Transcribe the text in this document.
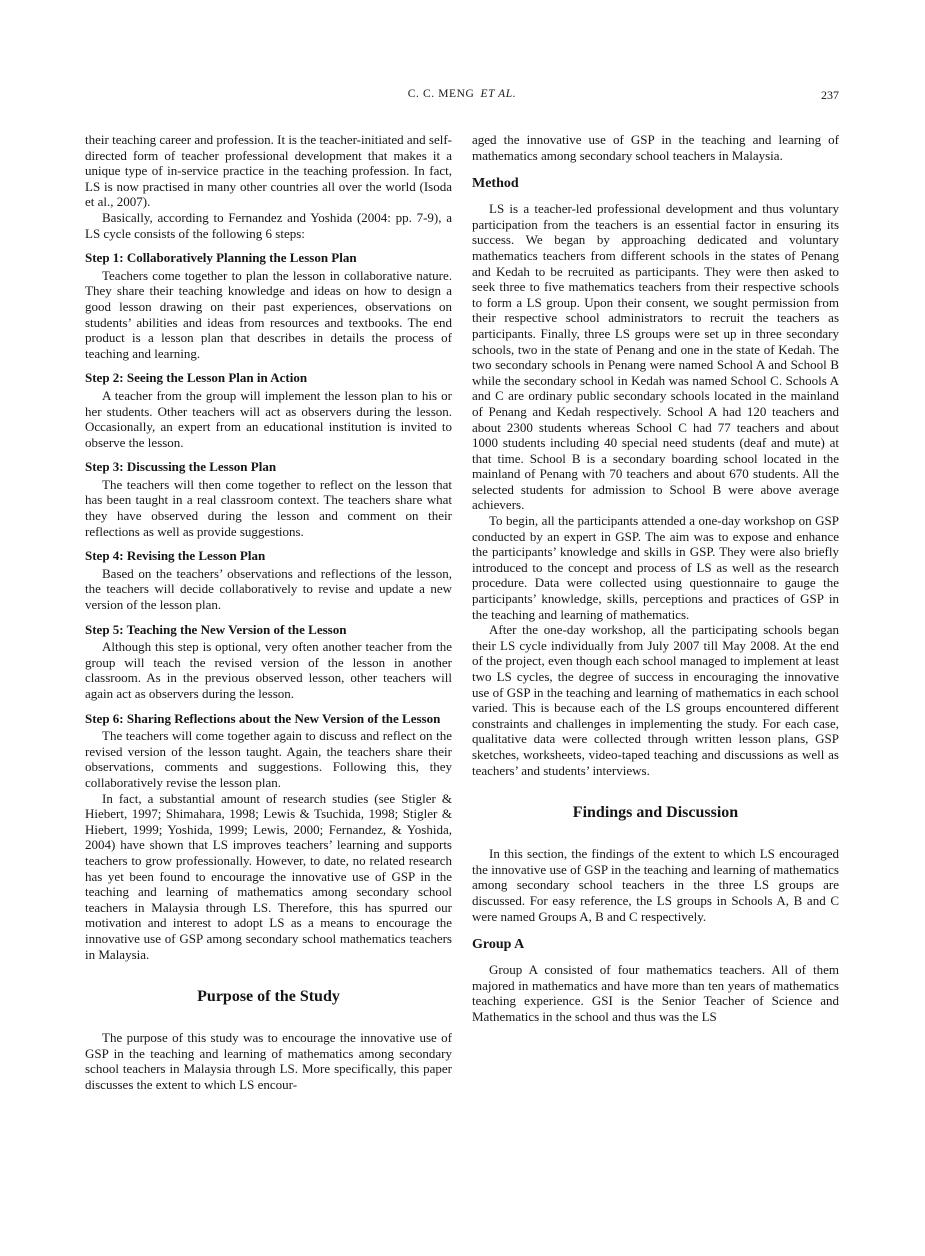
C. C. MENG ET AL.	237

their teaching career and profession. It is the teacher-initiated and self-directed form of teacher professional development that makes it a unique type of in-service practice in the teaching profession. In fact, LS is now practised in many other countries all over the world (Isoda et al., 2007).

Basically, according to Fernandez and Yoshida (2004: pp. 7-9), a LS cycle consists of the following 6 steps:

Step 1: Collaboratively Planning the Lesson Plan

Teachers come together to plan the lesson in collaborative nature. They share their teaching knowledge and ideas on how to design a good lesson drawing on their past experiences, observations on students’ abilities and ideas from resources and textbooks. The end product is a lesson plan that describes in details the process of teaching and learning.

Step 2: Seeing the Lesson Plan in Action

A teacher from the group will implement the lesson plan to his or her students. Other teachers will act as observers during the lesson. Occasionally, an expert from an educational institution is invited to observe the lesson.

Step 3: Discussing the Lesson Plan

The teachers will then come together to reflect on the lesson that has been taught in a real classroom context. The teachers share what they have observed during the lesson and comment on their reflections as well as provide suggestions.

Step 4: Revising the Lesson Plan

Based on the teachers’ observations and reflections of the lesson, the teachers will decide collaboratively to revise and update a new version of the lesson plan.

Step 5: Teaching the New Version of the Lesson

Although this step is optional, very often another teacher from the group will teach the revised version of the lesson in another classroom. As in the previous observed lesson, other teachers will again act as observers during the lesson.

Step 6: Sharing Reflections about the New Version of the Lesson

The teachers will come together again to discuss and reflect on the revised version of the lesson taught. Again, the teachers share their observations, comments and suggestions. Following this, they collaboratively revise the lesson plan.

In fact, a substantial amount of research studies (see Stigler & Hiebert, 1997; Shimahara, 1998; Lewis & Tsuchida, 1998; Stigler & Hiebert, 1999; Yoshida, 1999; Lewis, 2000; Fernandez, & Yoshida, 2004) have shown that LS improves teachers’ learning and supports teachers to grow professionally. However, to date, no related research has yet been found to encourage the innovative use of GSP in the teaching and learning of mathematics among secondary school teachers in Malaysia through LS. Therefore, this has spurred our motivation and interest to adopt LS as a means to encourage the innovative use of GSP among secondary school mathematics teachers in Malaysia.

Purpose of the Study

The purpose of this study was to encourage the innovative use of GSP in the teaching and learning of mathematics among secondary school teachers in Malaysia through LS. More specifically, this paper discusses the extent to which LS encour-

aged the innovative use of GSP in the teaching and learning of mathematics among secondary school teachers in Malaysia.

Method

LS is a teacher-led professional development and thus voluntary participation from the teachers is an essential factor in ensuring its success. We began by approaching dedicated and voluntary mathematics teachers from different schools in the states of Penang and Kedah to be recruited as participants. They were then asked to seek three to five mathematics teachers from their respective schools to form a LS group. Upon their consent, we sought permission from their respective school administrators to recruit the teachers as participants. Finally, three LS groups were set up in three secondary schools, two in the state of Penang and one in the state of Kedah. The two secondary schools in Penang were named School A and School B while the secondary school in Kedah was named School C. Schools A and C are ordinary public secondary schools located in the mainland of Penang and Kedah respectively. School A had 120 teachers and about 2300 students whereas School C had 77 teachers and about 1000 students including 40 special need students (deaf and mute) at that time. School B is a secondary boarding school located in the mainland of Penang with 70 teachers and about 670 students. All the selected students for admission to School B were above average achievers.

To begin, all the participants attended a one-day workshop on GSP conducted by an expert in GSP. The aim was to expose and enhance the participants’ knowledge and skills in GSP. They were also briefly introduced to the concept and process of LS as well as the research procedure. Data were collected using questionnaire to gauge the participants’ knowledge, skills, perceptions and practices of GSP in the teaching and learning of mathematics.

After the one-day workshop, all the participating schools began their LS cycle individually from July 2007 till May 2008. At the end of the project, even though each school managed to implement at least two LS cycles, the degree of success in encouraging the innovative use of GSP in the teaching and learning of mathematics in each school varied. This is because each of the LS groups encountered different constraints and challenges in implementing the study. For each case, qualitative data were collected through written lesson plans, GSP sketches, worksheets, video-taped teaching and discussions as well as teachers’ and students’ interviews.

Findings and Discussion

In this section, the findings of the extent to which LS encouraged the innovative use of GSP in the teaching and learning of mathematics among secondary school teachers in the three LS groups are discussed. For easy reference, the LS groups in Schools A, B and C were named Groups A, B and C respectively.

Group A

Group A consisted of four mathematics teachers. All of them majored in mathematics and have more than ten years of mathematics teaching experience. GSI is the Senior Teacher of Science and Mathematics in the school and thus was the LS
